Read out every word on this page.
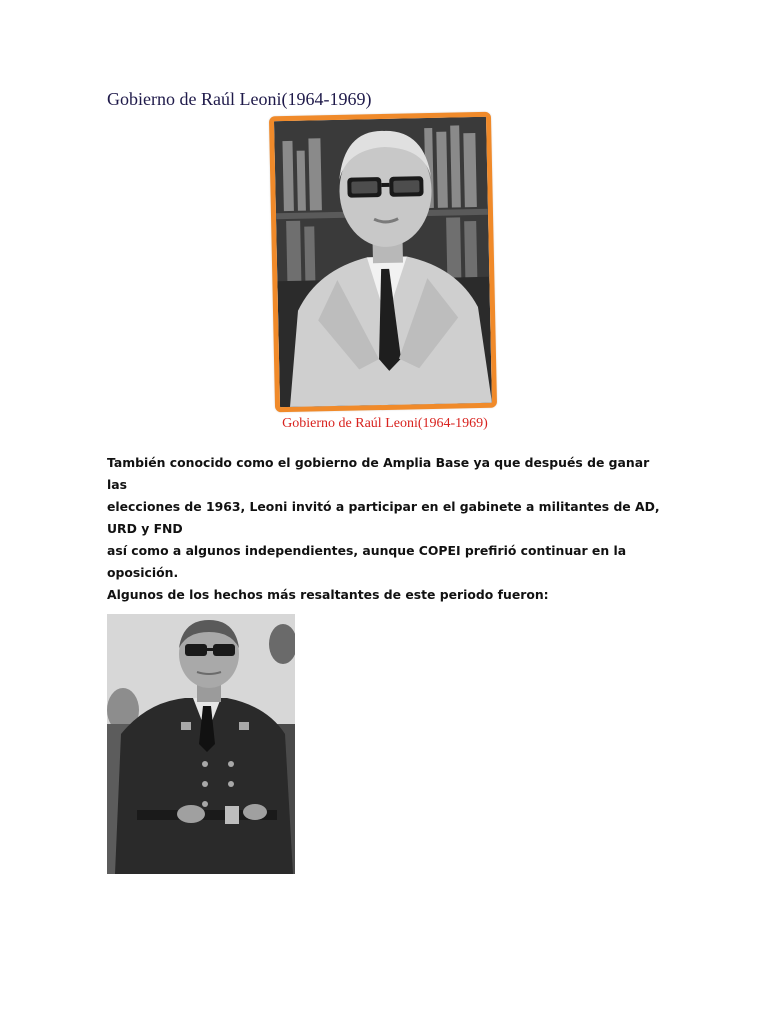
Gobierno de Raúl Leoni(1964-1969)
Gobierno de Raúl Leoni(1964-1969)

También conocido como el gobierno de Amplia Base ya que después de ganar las

elecciones de 1963, Leoni invitó a participar en el gabinete a militantes de AD, URD y FND

así como a algunos independientes, aunque COPEI prefirió continuar en la oposición.

Algunos de los hechos más resaltantes de este periodo fueron:
